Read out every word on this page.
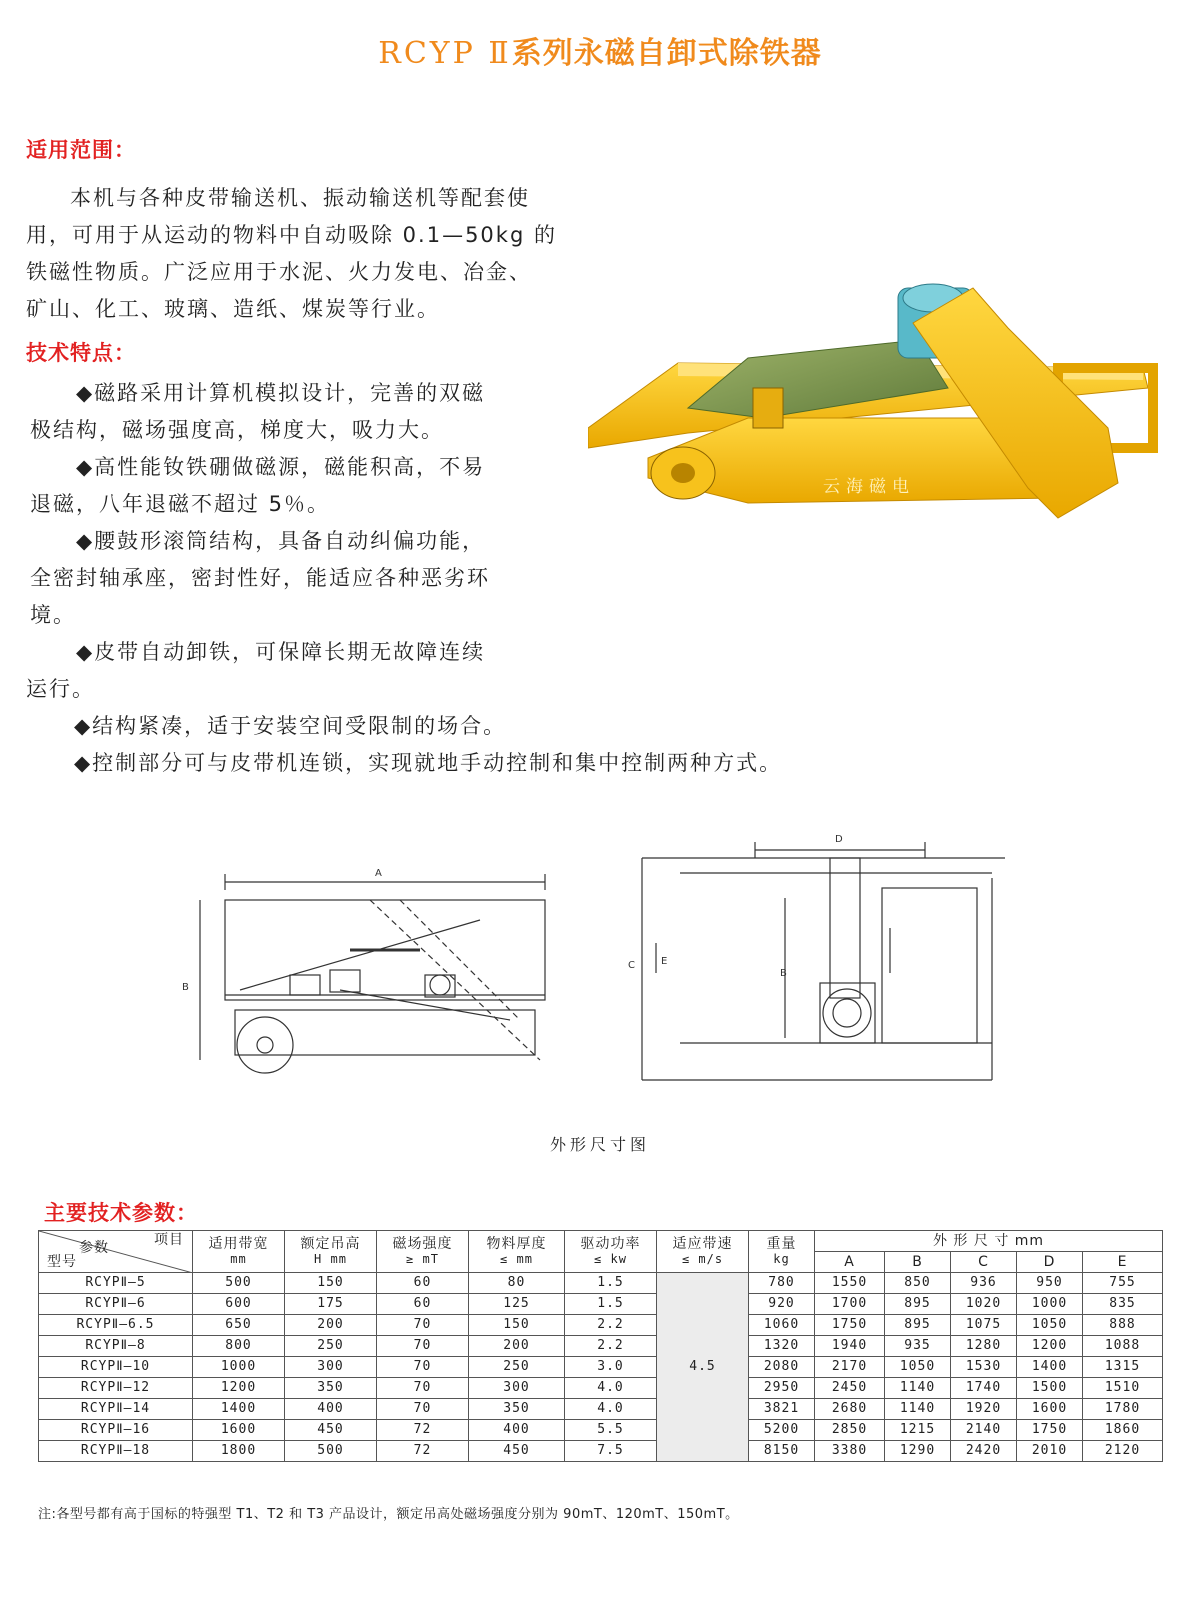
RCYP Ⅱ系列永磁自卸式除铁器
适用范围：

本机与各种皮带输送机、振动输送机等配套使

用，可用于从运动的物料中自动吸除 0.1—50kg 的

铁磁性物质。广泛应用于水泥、火力发电、冶金、

矿山、化工、玻璃、造纸、煤炭等行业。

技术特点：

◆磁路采用计算机模拟设计，完善的双磁

极结构，磁场强度高，梯度大，吸力大。

◆高性能钕铁硼做磁源，磁能积高，不易

退磁，八年退磁不超过 5％。

◆腰鼓形滚筒结构，具备自动纠偏功能，

全密封轴承座，密封性好，能适应各种恶劣环

境。

◆皮带自动卸铁，可保障长期无故障连续

运行。

◆结构紧凑，适于安装空间受限制的场合。

◆控制部分可与皮带机连锁，实现就地手动控制和集中控制两种方式。

云海磁电
A
B
D
C	E
B
外形尺寸图
主要技术参数：
项目
参数
型号	适用带宽
mm	额定吊高
H mm	磁场强度
≥ mT	物料厚度
≤ mm	驱动功率
≤ kw	适应带速
≤ m/s	重量
kg	外 形 尺 寸 mm				
								A	B	C	D	E
RCYPⅡ—5	500	150	60	80	1.5	4.5	780	1550	850	936	950	755
RCYPⅡ—6	600	175	60	125	1.5		920	1700	895	1020	1000	835
RCYPⅡ—6.5	650	200	70	150	2.2		1060	1750	895	1075	1050	888
RCYPⅡ—8	800	250	70	200	2.2		1320	1940	935	1280	1200	1088
RCYPⅡ—10	1000	300	70	250	3.0		2080	2170	1050	1530	1400	1315
RCYPⅡ—12	1200	350	70	300	4.0		2950	2450	1140	1740	1500	1510
RCYPⅡ—14	1400	400	70	350	4.0		3821	2680	1140	1920	1600	1780
RCYPⅡ—16	1600	450	72	400	5.5		5200	2850	1215	2140	1750	1860
RCYPⅡ—18	1800	500	72	450	7.5		8150	3380	1290	2420	2010	2120
注:各型号都有高于国标的特强型 T1、T2 和 T3 产品设计，额定吊高处磁场强度分别为 90mT、120mT、150mT。
